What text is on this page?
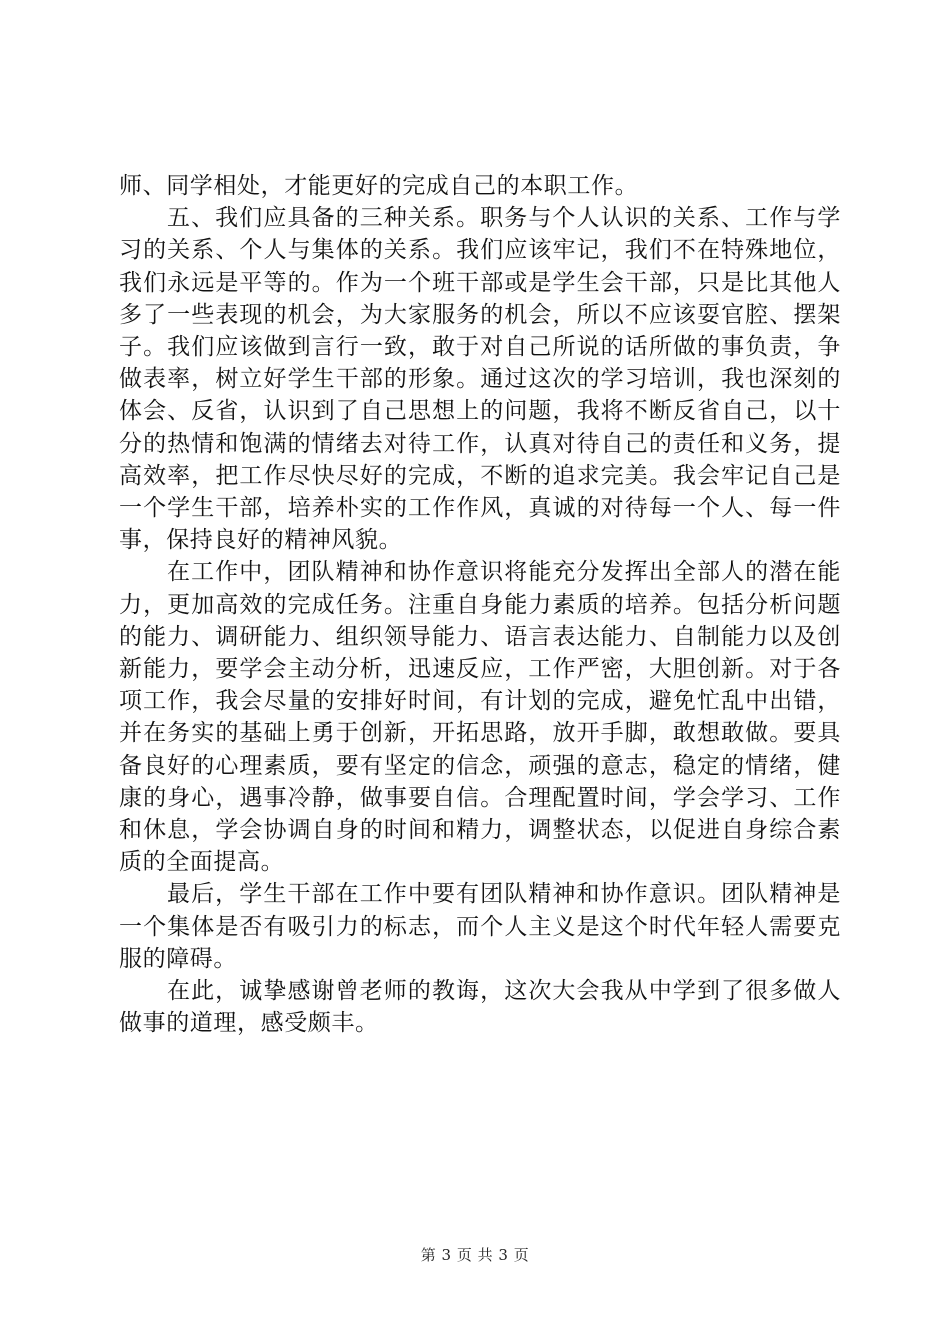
师、同学相处，才能更好的完成自己的本职工作。

五、我们应具备的三种关系。职务与个人认识的关系、工作与学习的关系、个人与集体的关系。我们应该牢记，我们不在特殊地位，我们永远是平等的。作为一个班干部或是学生会干部，只是比其他人多了一些表现的机会，为大家服务的机会，所以不应该耍官腔、摆架子。我们应该做到言行一致，敢于对自己所说的话所做的事负责，争做表率，树立好学生干部的形象。通过这次的学习培训，我也深刻的体会、反省，认识到了自己思想上的问题，我将不断反省自己，以十分的热情和饱满的情绪去对待工作，认真对待自己的责任和义务，提高效率，把工作尽快尽好的完成，不断的追求完美。我会牢记自己是一个学生干部，培养朴实的工作作风，真诚的对待每一个人、每一件事，保持良好的精神风貌。

在工作中，团队精神和协作意识将能充分发挥出全部人的潜在能力，更加高效的完成任务。注重自身能力素质的培养。包括分析问题的能力、调研能力、组织领导能力、语言表达能力、自制能力以及创新能力，要学会主动分析，迅速反应，工作严密，大胆创新。对于各项工作，我会尽量的安排好时间，有计划的完成，避免忙乱中出错，并在务实的基础上勇于创新，开拓思路，放开手脚，敢想敢做。要具备良好的心理素质，要有坚定的信念，顽强的意志，稳定的情绪，健康的身心，遇事冷静，做事要自信。合理配置时间，学会学习、工作和休息，学会协调自身的时间和精力，调整状态，以促进自身综合素质的全面提高。

最后，学生干部在工作中要有团队精神和协作意识。团队精神是一个集体是否有吸引力的标志，而个人主义是这个时代年轻人需要克服的障碍。

在此，诚挚感谢曾老师的教诲，这次大会我从中学到了很多做人做事的道理，感受颇丰。

第 3 页 共 3 页
